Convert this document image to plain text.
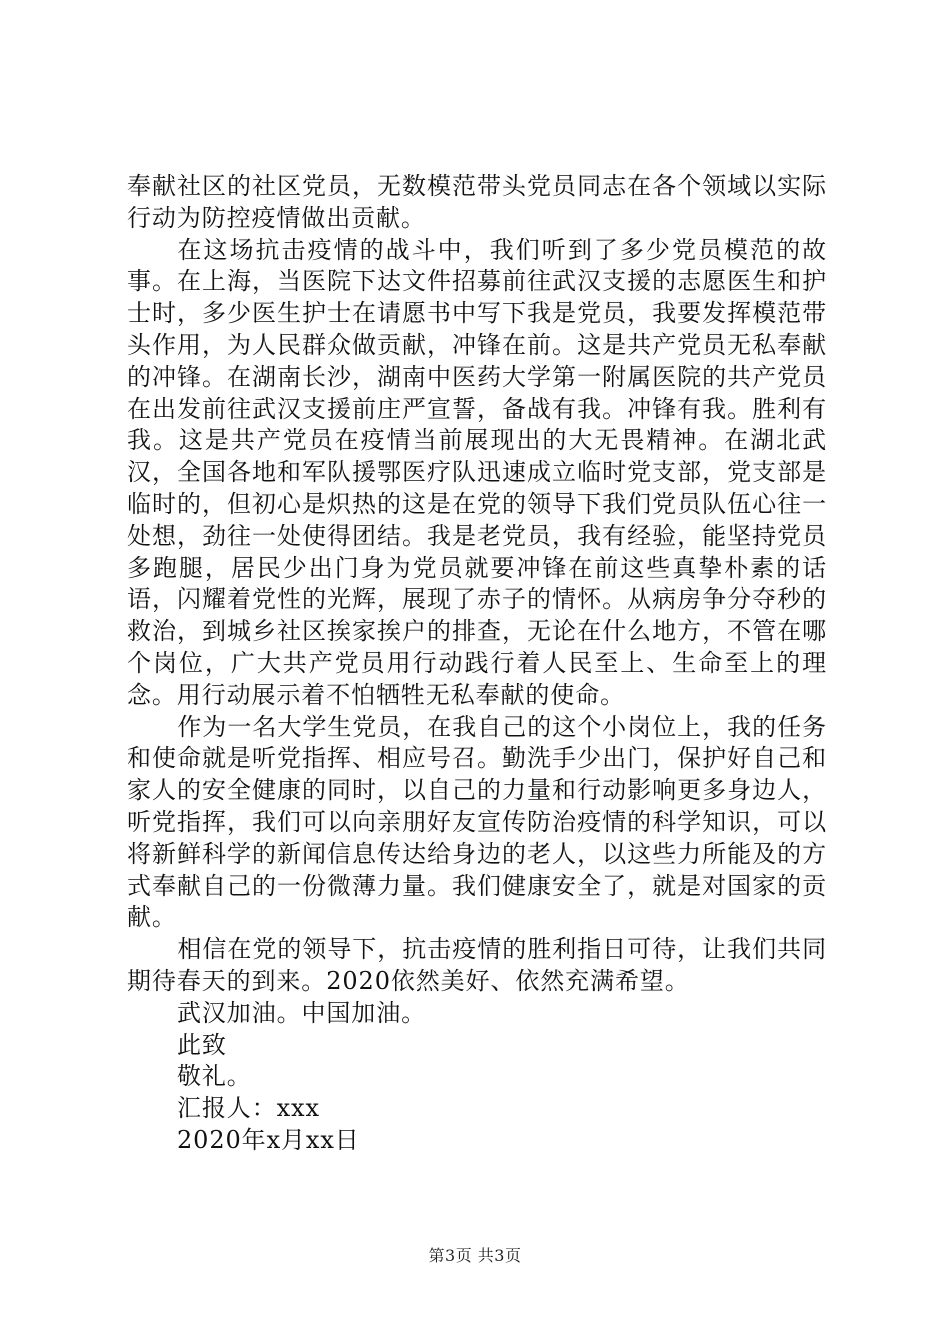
奉献社区的社区党员，无数模范带头党员同志在各个领域以实际行动为防控疫情做出贡献。

在这场抗击疫情的战斗中，我们听到了多少党员模范的故事。在上海，当医院下达文件招募前往武汉支援的志愿医生和护士时，多少医生护士在请愿书中写下我是党员，我要发挥模范带头作用，为人民群众做贡献，冲锋在前。这是共产党员无私奉献的冲锋。在湖南长沙，湖南中医药大学第一附属医院的共产党员在出发前往武汉支援前庄严宣誓，备战有我。冲锋有我。胜利有我。这是共产党员在疫情当前展现出的大无畏精神。在湖北武汉，全国各地和军队援鄂医疗队迅速成立临时党支部，党支部是临时的，但初心是炽热的这是在党的领导下我们党员队伍心往一处想，劲往一处使得团结。我是老党员，我有经验，能坚持党员多跑腿，居民少出门身为党员就要冲锋在前这些真挚朴素的话语，闪耀着党性的光辉，展现了赤子的情怀。从病房争分夺秒的救治，到城乡社区挨家挨户的排查，无论在什么地方，不管在哪个岗位，广大共产党员用行动践行着人民至上、生命至上的理念。用行动展示着不怕牺牲无私奉献的使命。

作为一名大学生党员，在我自己的这个小岗位上，我的任务和使命就是听党指挥、相应号召。勤洗手少出门，保护好自己和家人的安全健康的同时，以自己的力量和行动影响更多身边人，听党指挥，我们可以向亲朋好友宣传防治疫情的科学知识，可以将新鲜科学的新闻信息传达给身边的老人，以这些力所能及的方式奉献自己的一份微薄力量。我们健康安全了，就是对国家的贡献。

相信在党的领导下，抗击疫情的胜利指日可待，让我们共同期待春天的到来。2020依然美好、依然充满希望。

武汉加油。中国加油。

此致

敬礼。

汇报人：xxx

2020年x月xx日

第3页 共3页
